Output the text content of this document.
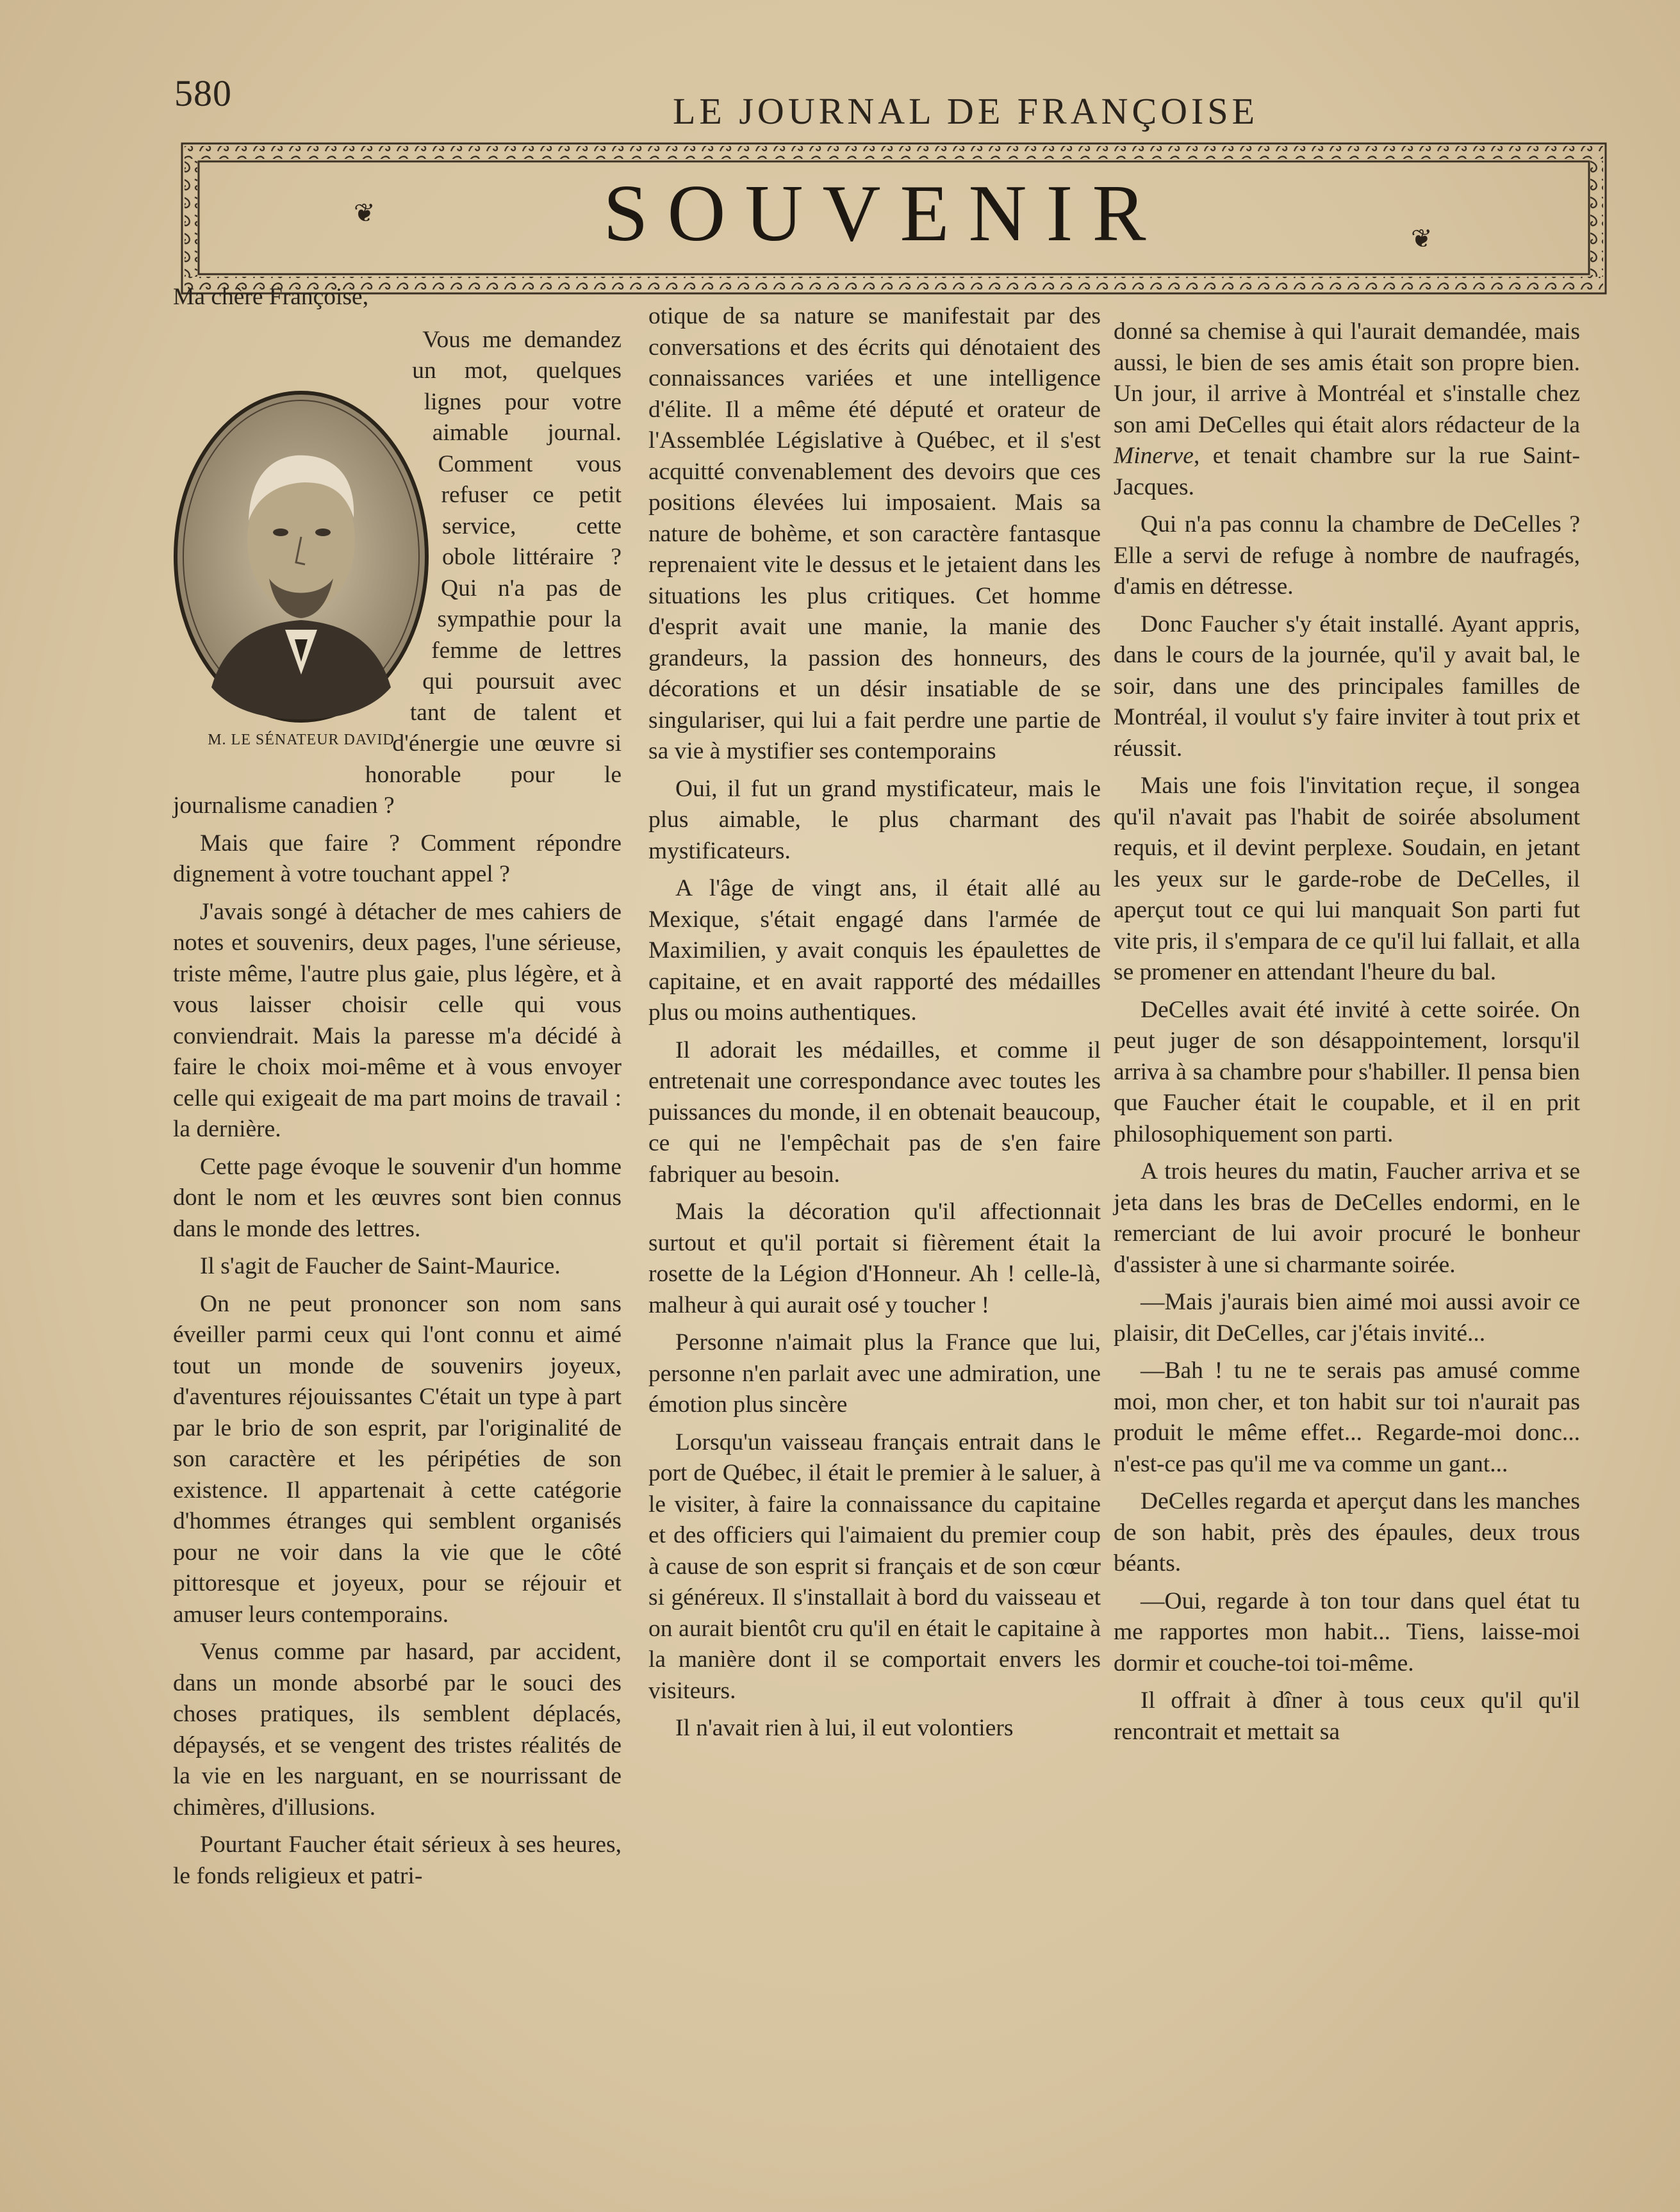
580	LE JOURNAL DE FRANÇOISE
❦
❦
SOUVENIR

Ma chère Françoise,

M. LE SÉNATEUR DAVID

Vous me demandez un mot, quelques lignes pour votre aimable journal. Comment vous refuser ce petit service, cette obole littéraire ? Qui n'a pas de sympathie pour la femme de lettres qui poursuit avec tant de talent et d'énergie une œuvre si honorable pour le journalisme canadien ?

Mais que faire ? Comment répondre dignement à votre touchant appel ?

J'avais songé à détacher de mes cahiers de notes et souvenirs, deux pages, l'une sérieuse, triste même, l'autre plus gaie, plus légère, et à vous laisser choisir celle qui vous conviendrait. Mais la paresse m'a décidé à faire le choix moi-même et à vous envoyer celle qui exigeait de ma part moins de travail : la dernière.

Cette page évoque le souvenir d'un homme dont le nom et les œuvres sont bien connus dans le monde des lettres.

Il s'agit de Faucher de Saint-Maurice.

On ne peut prononcer son nom sans éveiller parmi ceux qui l'ont connu et aimé tout un monde de souvenirs joyeux, d'aventures réjouissantes C'était un type à part par le brio de son esprit, par l'originalité de son caractère et les péripéties de son existence. Il appartenait à cette catégorie d'hommes étranges qui semblent organisés pour ne voir dans la vie que le côté pittoresque et joyeux, pour se réjouir et amuser leurs contemporains.

Venus comme par hasard, par accident, dans un monde absorbé par le souci des choses pratiques, ils semblent déplacés, dépaysés, et se vengent des tristes réalités de la vie en les narguant, en se nourrissant de chimères, d'illusions.

Pourtant Faucher était sérieux à ses heures, le fonds religieux et patri-

otique de sa nature se manifestait par des conversations et des écrits qui dénotaient des connaissances variées et une intelligence d'élite. Il a même été député et orateur de l'Assemblée Législative à Québec, et il s'est acquitté convenablement des devoirs que ces positions élevées lui imposaient. Mais sa nature de bohème, et son caractère fantasque reprenaient vite le dessus et le jetaient dans les situations les plus critiques. Cet homme d'esprit avait une manie, la manie des grandeurs, la passion des honneurs, des décorations et un désir insatiable de se singulariser, qui lui a fait perdre une partie de sa vie à mystifier ses contemporains

Oui, il fut un grand mystificateur, mais le plus aimable, le plus charmant des mystificateurs.

A l'âge de vingt ans, il était allé au Mexique, s'était engagé dans l'armée de Maximilien, y avait conquis les épaulettes de capitaine, et en avait rapporté des médailles plus ou moins authentiques.

Il adorait les médailles, et comme il entretenait une correspondance avec toutes les puissances du monde, il en obtenait beaucoup, ce qui ne l'empêchait pas de s'en faire fabriquer au besoin.

Mais la décoration qu'il affectionnait surtout et qu'il portait si fièrement était la rosette de la Légion d'Honneur. Ah ! celle-là, malheur à qui aurait osé y toucher !

Personne n'aimait plus la France que lui, personne n'en parlait avec une admiration, une émotion plus sincère

Lorsqu'un vaisseau français entrait dans le port de Québec, il était le premier à le saluer, à le visiter, à faire la connaissance du capitaine et des officiers qui l'aimaient du premier coup à cause de son esprit si français et de son cœur si généreux. Il s'installait à bord du vaisseau et on aurait bientôt cru qu'il en était le capitaine à la manière dont il se comportait envers les visiteurs.

Il n'avait rien à lui, il eut volontiers

donné sa chemise à qui l'aurait demandée, mais aussi, le bien de ses amis était son propre bien. Un jour, il arrive à Montréal et s'installe chez son ami DeCelles qui était alors rédacteur de la Minerve, et tenait chambre sur la rue Saint-Jacques.

Qui n'a pas connu la chambre de DeCelles ? Elle a servi de refuge à nombre de naufragés, d'amis en détresse.

Donc Faucher s'y était installé. Ayant appris, dans le cours de la journée, qu'il y avait bal, le soir, dans une des principales familles de Montréal, il voulut s'y faire inviter à tout prix et réussit.

Mais une fois l'invitation reçue, il songea qu'il n'avait pas l'habit de soirée absolument requis, et il devint perplexe. Soudain, en jetant les yeux sur le garde-robe de DeCelles, il aperçut tout ce qui lui manquait Son parti fut vite pris, il s'empara de ce qu'il lui fallait, et alla se promener en attendant l'heure du bal.

DeCelles avait été invité à cette soirée. On peut juger de son désappointement, lorsqu'il arriva à sa chambre pour s'habiller. Il pensa bien que Faucher était le coupable, et il en prit philosophiquement son parti.

A trois heures du matin, Faucher arriva et se jeta dans les bras de DeCelles endormi, en le remerciant de lui avoir procuré le bonheur d'assister à une si charmante soirée.

—Mais j'aurais bien aimé moi aussi avoir ce plaisir, dit DeCelles, car j'étais invité...

—Bah ! tu ne te serais pas amusé comme moi, mon cher, et ton habit sur toi n'aurait pas produit le même effet... Regarde-moi donc... n'est-ce pas qu'il me va comme un gant...

DeCelles regarda et aperçut dans les manches de son habit, près des épaules, deux trous béants.

—Oui, regarde à ton tour dans quel état tu me rapportes mon habit... Tiens, laisse-moi dormir et couche-toi toi-même.

Il offrait à dîner à tous ceux qu'il qu'il rencontrait et mettait sa
